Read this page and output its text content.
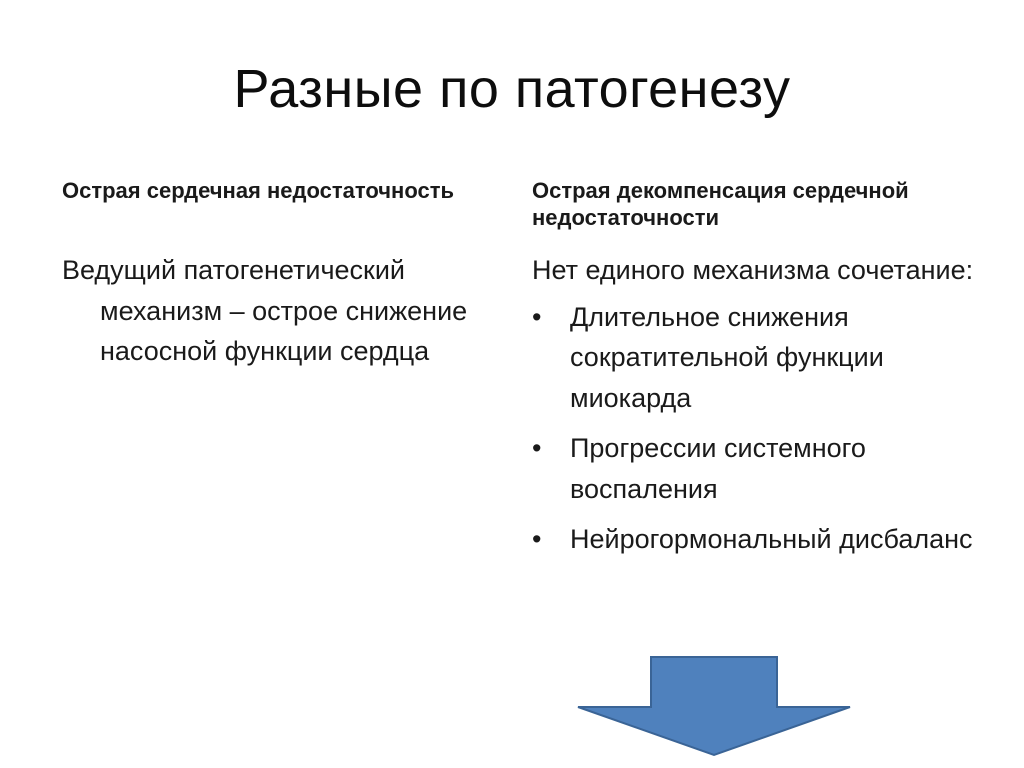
Разные по патогенезу
Острая сердечная недостаточность

Ведущий патогенетический механизм – острое снижение насосной функции сердца

Острая декомпенсация сердечной недостаточности

Нет единого механизма сочетание:

• Длительное снижения сократительной функции миокарда
• Прогрессии системного воспаления
• Нейрогормональный дисбаланс
